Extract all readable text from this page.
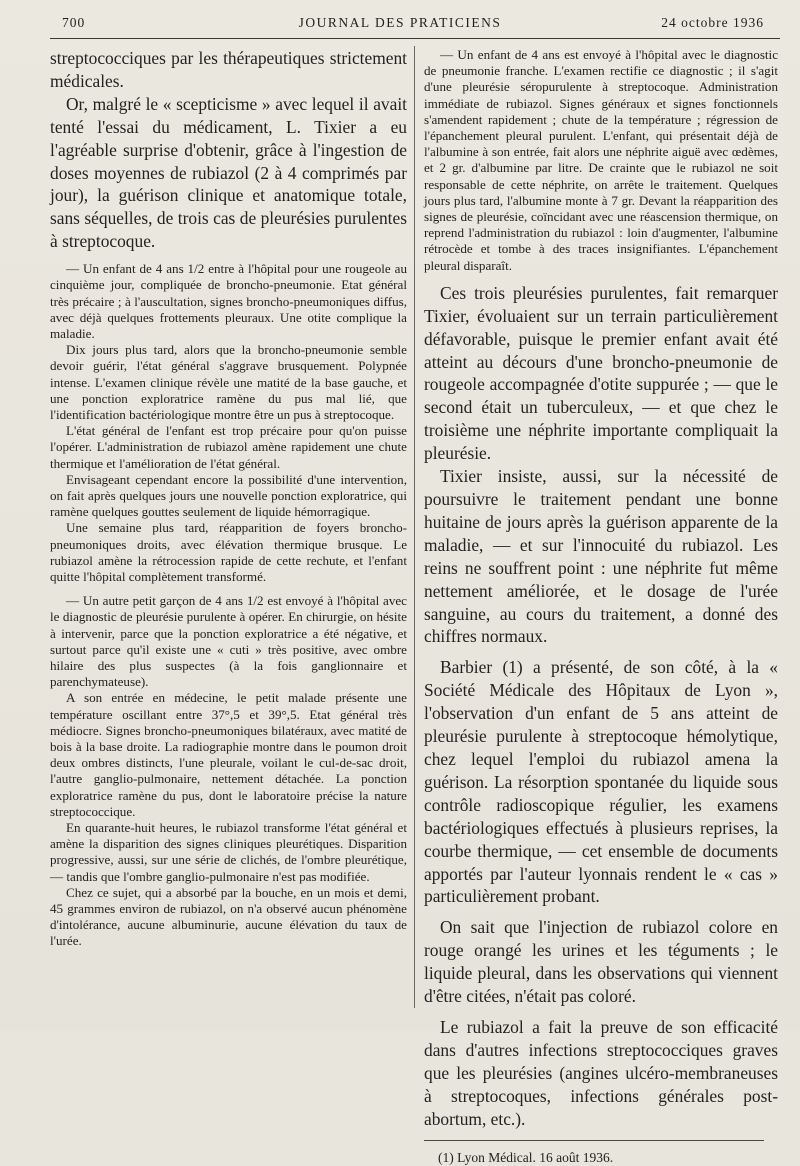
700	JOURNAL DES PRATICIENS	24 octobre 1936

streptococciques par les thérapeutiques strictement médicales.

Or, malgré le « scepticisme » avec lequel il avait tenté l'essai du médicament, L. Tixier a eu l'agréable surprise d'obtenir, grâce à l'ingestion de doses moyennes de rubiazol (2 à 4 comprimés par jour), la guérison clinique et anatomique totale, sans séquelles, de trois cas de pleurésies purulentes à streptocoque.

— Un enfant de 4 ans 1/2 entre à l'hôpital pour une rougeole au cinquième jour, compliquée de broncho-pneumonie. Etat général très précaire ; à l'auscultation, signes broncho-pneumoniques diffus, avec déjà quelques frottements pleuraux. Une otite complique la maladie.

Dix jours plus tard, alors que la broncho-pneumonie semble devoir guérir, l'état général s'aggrave brusquement. Polypnée intense. L'examen clinique révèle une matité de la base gauche, et une ponction exploratrice ramène du pus mal lié, que l'identification bactériologique montre être un pus à streptocoque.

L'état général de l'enfant est trop précaire pour qu'on puisse l'opérer. L'administration de rubiazol amène rapidement une chute thermique et l'amélioration de l'état général.

Envisageant cependant encore la possibilité d'une intervention, on fait après quelques jours une nouvelle ponction exploratrice, qui ramène quelques gouttes seulement de liquide hémorragique.

Une semaine plus tard, réapparition de foyers broncho-pneumoniques droits, avec élévation thermique brusque. Le rubiazol amène la rétrocession rapide de cette rechute, et l'enfant quitte l'hôpital complètement transformé.

— Un autre petit garçon de 4 ans 1/2 est envoyé à l'hôpital avec le diagnostic de pleurésie purulente à opérer. En chirurgie, on hésite à intervenir, parce que la ponction exploratrice a été négative, et surtout parce qu'il existe une « cuti » très positive, avec ombre hilaire des plus suspectes (à la fois ganglionnaire et parenchymateuse).

A son entrée en médecine, le petit malade présente une température oscillant entre 37°,5 et 39°,5. Etat général très médiocre. Signes broncho-pneumoniques bilatéraux, avec matité de bois à la base droite. La radiographie montre dans le poumon droit deux ombres distincts, l'une pleurale, voilant le cul-de-sac droit, l'autre ganglio-pulmonaire, nettement détachée. La ponction exploratrice ramène du pus, dont le laboratoire précise la nature streptococcique.

En quarante-huit heures, le rubiazol transforme l'état général et amène la disparition des signes cliniques pleurétiques. Disparition progressive, aussi, sur une série de clichés, de l'ombre pleurétique, — tandis que l'ombre ganglio-pulmonaire n'est pas modifiée.

Chez ce sujet, qui a absorbé par la bouche, en un mois et demi, 45 grammes environ de rubiazol, on n'a observé aucun phénomène d'intolérance, aucune albuminurie, aucune élévation du taux de l'urée.

— Un enfant de 4 ans est envoyé à l'hôpital avec le diagnostic de pneumonie franche. L'examen rectifie ce diagnostic ; il s'agit d'une pleurésie séropurulente à streptocoque. Administration immédiate de rubiazol. Signes généraux et signes fonctionnels s'amendent rapidement ; chute de la température ; régression de l'épanchement pleural purulent. L'enfant, qui présentait déjà de l'albumine à son entrée, fait alors une néphrite aiguë avec œdèmes, et 2 gr. d'albumine par litre. De crainte que le rubiazol ne soit responsable de cette néphrite, on arrête le traitement. Quelques jours plus tard, l'albumine monte à 7 gr. Devant la réapparition des signes de pleurésie, coïncidant avec une réascension thermique, on reprend l'administration du rubiazol : loin d'augmenter, l'albumine rétrocède et tombe à des traces insignifiantes. L'épanchement pleural disparaît.

Ces trois pleurésies purulentes, fait remarquer Tixier, évoluaient sur un terrain particulièrement défavorable, puisque le premier enfant avait été atteint au décours d'une broncho-pneumonie de rougeole accompagnée d'otite suppurée ; — que le second était un tuberculeux, — et que chez le troisième une néphrite importante compliquait la pleurésie.

Tixier insiste, aussi, sur la nécessité de poursuivre le traitement pendant une bonne huitaine de jours après la guérison apparente de la maladie, — et sur l'innocuité du rubiazol. Les reins ne souffrent point : une néphrite fut même nettement améliorée, et le dosage de l'urée sanguine, au cours du traitement, a donné des chiffres normaux.

Barbier (1) a présenté, de son côté, à la « Société Médicale des Hôpitaux de Lyon », l'observation d'un enfant de 5 ans atteint de pleurésie purulente à streptocoque hémolytique, chez lequel l'emploi du rubiazol amena la guérison. La résorption spontanée du liquide sous contrôle radioscopique régulier, les examens bactériologiques effectués à plusieurs reprises, la courbe thermique, — cet ensemble de documents apportés par l'auteur lyonnais rendent le « cas » particulièrement probant.

On sait que l'injection de rubiazol colore en rouge orangé les urines et les téguments ; le liquide pleural, dans les observations qui viennent d'être citées, n'était pas coloré.

Le rubiazol a fait la preuve de son efficacité dans d'autres infections streptococciques graves que les pleurésies (angines ulcéro-membraneuses à streptocoques, infections générales post-abortum, etc.).

(1) Lyon Médical. 16 août 1936.
